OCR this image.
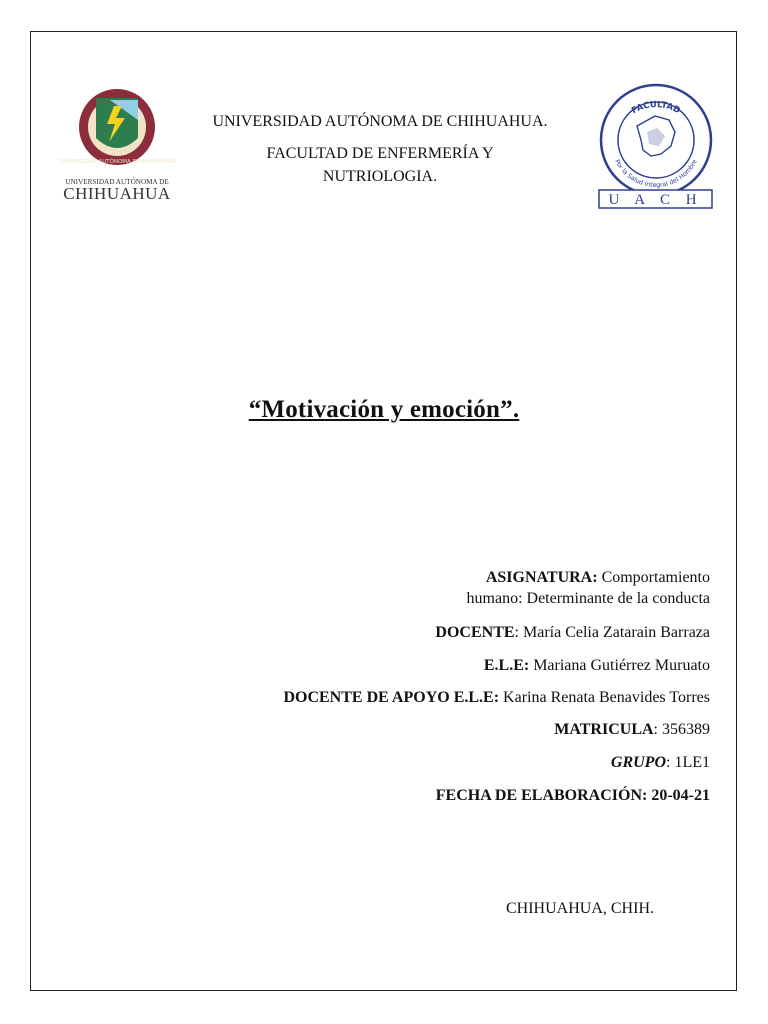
UNIVERSIDAD AUTÓNOMA DE CHIHUAHUA
UNIVERSIDAD AUTÓNOMA DE
CHIHUAHUA
UNIVERSIDAD AUTÓNOMA DE CHIHUAHUA.
FACULTAD DE ENFERMERÍA Y
NUTRIOLOGIA.
FACULTAD
Por la Salud Integral del Hombre
U A C H
“Motivación y emoción”.
ASIGNATURA: Comportamiento
humano: Determinante de la conducta
DOCENTE: María Celia Zatarain Barraza
E.L.E: Mariana Gutiérrez Muruato
DOCENTE DE APOYO E.L.E: Karina Renata Benavides Torres
MATRICULA: 356389
GRUPO: 1LE1
FECHA DE ELABORACIÓN: 20-04-21
CHIHUAHUA, CHIH.
